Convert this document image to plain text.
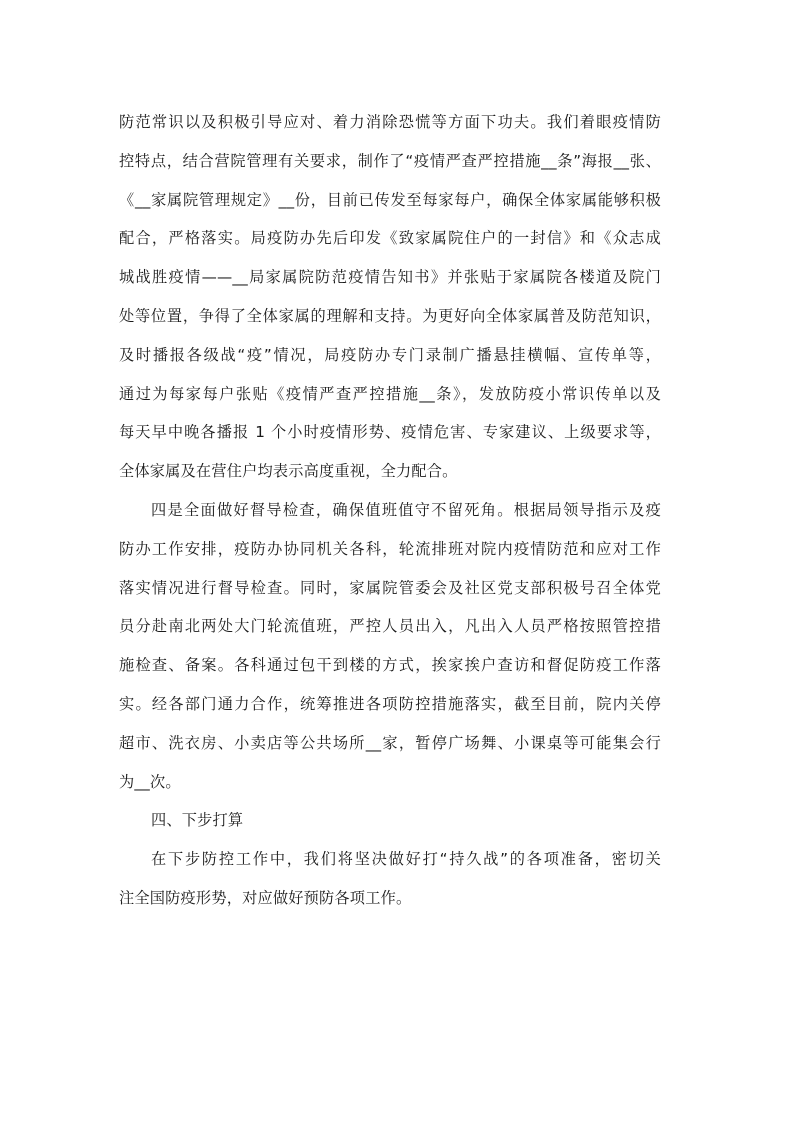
防范常识以及积极引导应对、着力消除恐慌等方面下功夫。我们着眼疫情防
控特点，结合营院管理有关要求，制作了“疫情严查严控措施__条”海报__张、
《__家属院管理规定》__份，目前已传发至每家每户，确保全体家属能够积极
配合，严格落实。局疫防办先后印发《致家属院住户的一封信》和《众志成
城战胜疫情——__局家属院防范疫情告知书》并张贴于家属院各楼道及院门
处等位置，争得了全体家属的理解和支持。为更好向全体家属普及防范知识，
及时播报各级战“疫”情况，局疫防办专门录制广播悬挂横幅、宣传单等，
通过为每家每户张贴《疫情严查严控措施__条》，发放防疫小常识传单以及
每天早中晚各播报 1 个小时疫情形势、疫情危害、专家建议、上级要求等，
全体家属及在营住户均表示高度重视，全力配合。
四是全面做好督导检查，确保值班值守不留死角。根据局领导指示及疫
防办工作安排，疫防办协同机关各科，轮流排班对院内疫情防范和应对工作
落实情况进行督导检查。同时，家属院管委会及社区党支部积极号召全体党
员分赴南北两处大门轮流值班，严控人员出入，凡出入人员严格按照管控措
施检查、备案。各科通过包干到楼的方式，挨家挨户查访和督促防疫工作落
实。经各部门通力合作，统筹推进各项防控措施落实，截至目前，院内关停
超市、洗衣房、小卖店等公共场所__家，暂停广场舞、小课桌等可能集会行
为__次。
四、下步打算
在下步防控工作中，我们将坚决做好打“持久战”的各项准备，密切关
注全国防疫形势，对应做好预防各项工作。
